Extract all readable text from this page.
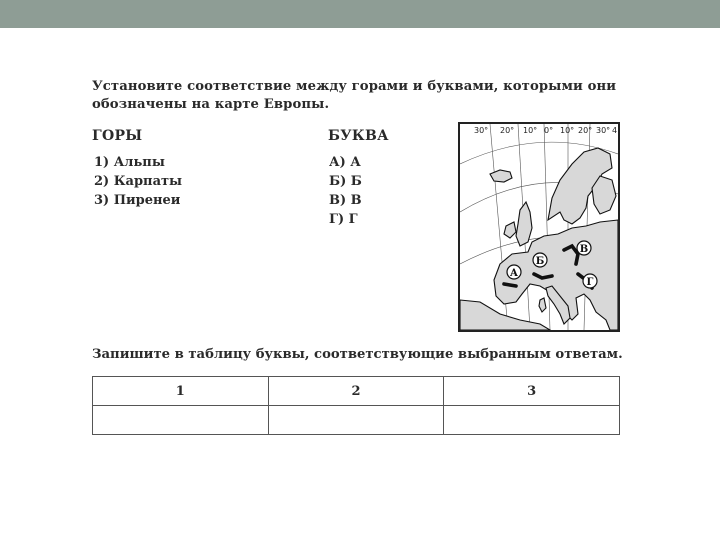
Установите соответствие между горами и буквами, которыми они
обозначены на карте Европы.
ГОРЫ
1) Альпы
2) Карпаты
3) Пиренеи
БУКВА
А) А
Б) Б
В) В
Г) Г
30° 20° 10° 0° 10° 20° 30° 4
А
Б
В
Г
Запишите в таблицу буквы, соответствующие выбранным ответам.
1	2	3
